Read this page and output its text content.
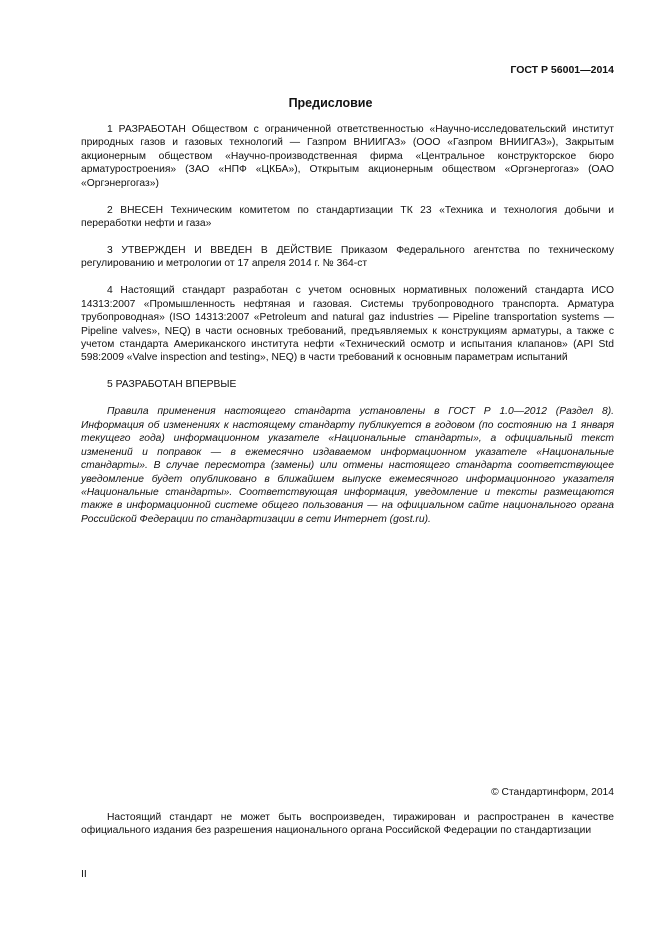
ГОСТ Р 56001—2014
Предисловие

1 РАЗРАБОТАН Обществом с ограниченной ответственностью «Научно-исследовательский институт природных газов и газовых технологий — Газпром ВНИИГАЗ» (ООО «Газпром ВНИИГАЗ»), Закрытым акционерным обществом «Научно-производственная фирма «Центральное конструкторское бюро арматуростроения» (ЗАО «НПФ «ЦКБА»), Открытым акционерным обществом «Оргэнергогаз» (ОАО «Оргэнергогаз»)

2 ВНЕСЕН Техническим комитетом по стандартизации ТК 23 «Техника и технология добычи и переработки нефти и газа»

3 УТВЕРЖДЕН И ВВЕДЕН В ДЕЙСТВИЕ Приказом Федерального агентства по техническому регулированию и метрологии от 17 апреля 2014 г. № 364-ст

4 Настоящий стандарт разработан с учетом основных нормативных положений стандарта ИСО 14313:2007 «Промышленность нефтяная и газовая. Системы трубопроводного транспорта. Арматура трубопроводная» (ISO 14313:2007 «Petroleum and natural gaz industries — Pipeline transportation systems — Pipeline valves», NEQ) в части основных требований, предъявляемых к конструкциям арматуры, а также с учетом стандарта Американского института нефти «Технический осмотр и испытания клапанов» (API Std 598:2009 «Valve inspection and testing», NEQ) в части требований к основным параметрам испытаний

5 РАЗРАБОТАН ВПЕРВЫЕ

Правила применения настоящего стандарта установлены в ГОСТ Р 1.0—2012 (Раздел 8). Информация об изменениях к настоящему стандарту публикуется в годовом (по состоянию на 1 января текущего года) информационном указателе «Национальные стандарты», а официальный текст изменений и поправок — в ежемесячно издаваемом информационном указателе «Национальные стандарты». В случае пересмотра (замены) или отмены настоящего стандарта соответствующее уведомление будет опубликовано в ближайшем выпуске ежемесячного информационного указателя «Национальные стандарты». Соответствующая информация, уведомление и тексты размещаются также в информационной системе общего пользования — на официальном сайте национального органа Российской Федерации по стандартизации в сети Интернет (gost.ru).

© Стандартинформ, 2014
Настоящий стандарт не может быть воспроизведен, тиражирован и распространен в качестве официального издания без разрешения национального органа Российской Федерации по стандартизации
II
